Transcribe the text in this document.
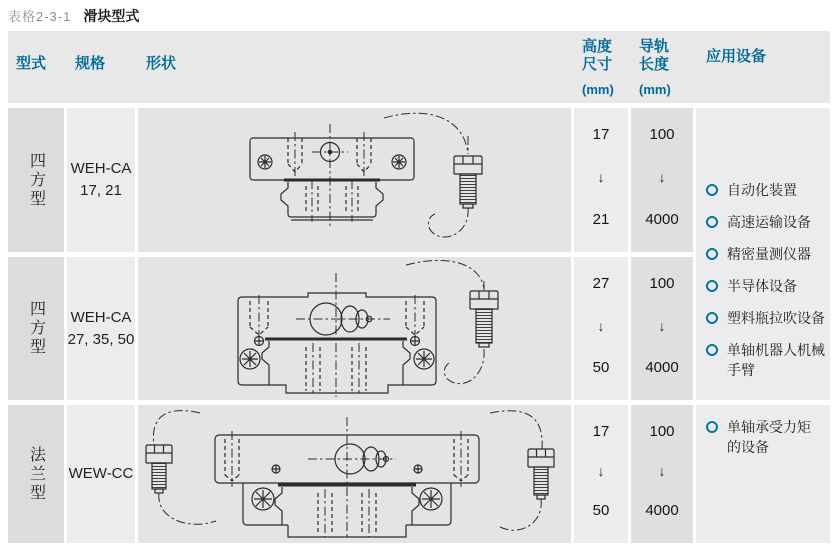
表格2-3-1 滑块型式
型式	规格	形状
高度
尺寸
(mm)
导轨
长度
(mm)
应用设备
四方型 WEH-CA
17, 21
17
↓
21
100
↓
4000
自动化装置
高速运输设备
精密量测仪器
半导体设备
塑料瓶拉吹设备
单轴机器人机械手臂
四方型 WEH-CA
27, 35, 50
27
↓
50
100
↓
4000
法兰型 WEW-CC
17
↓
50
100
↓
4000
单轴承受力矩的设备
